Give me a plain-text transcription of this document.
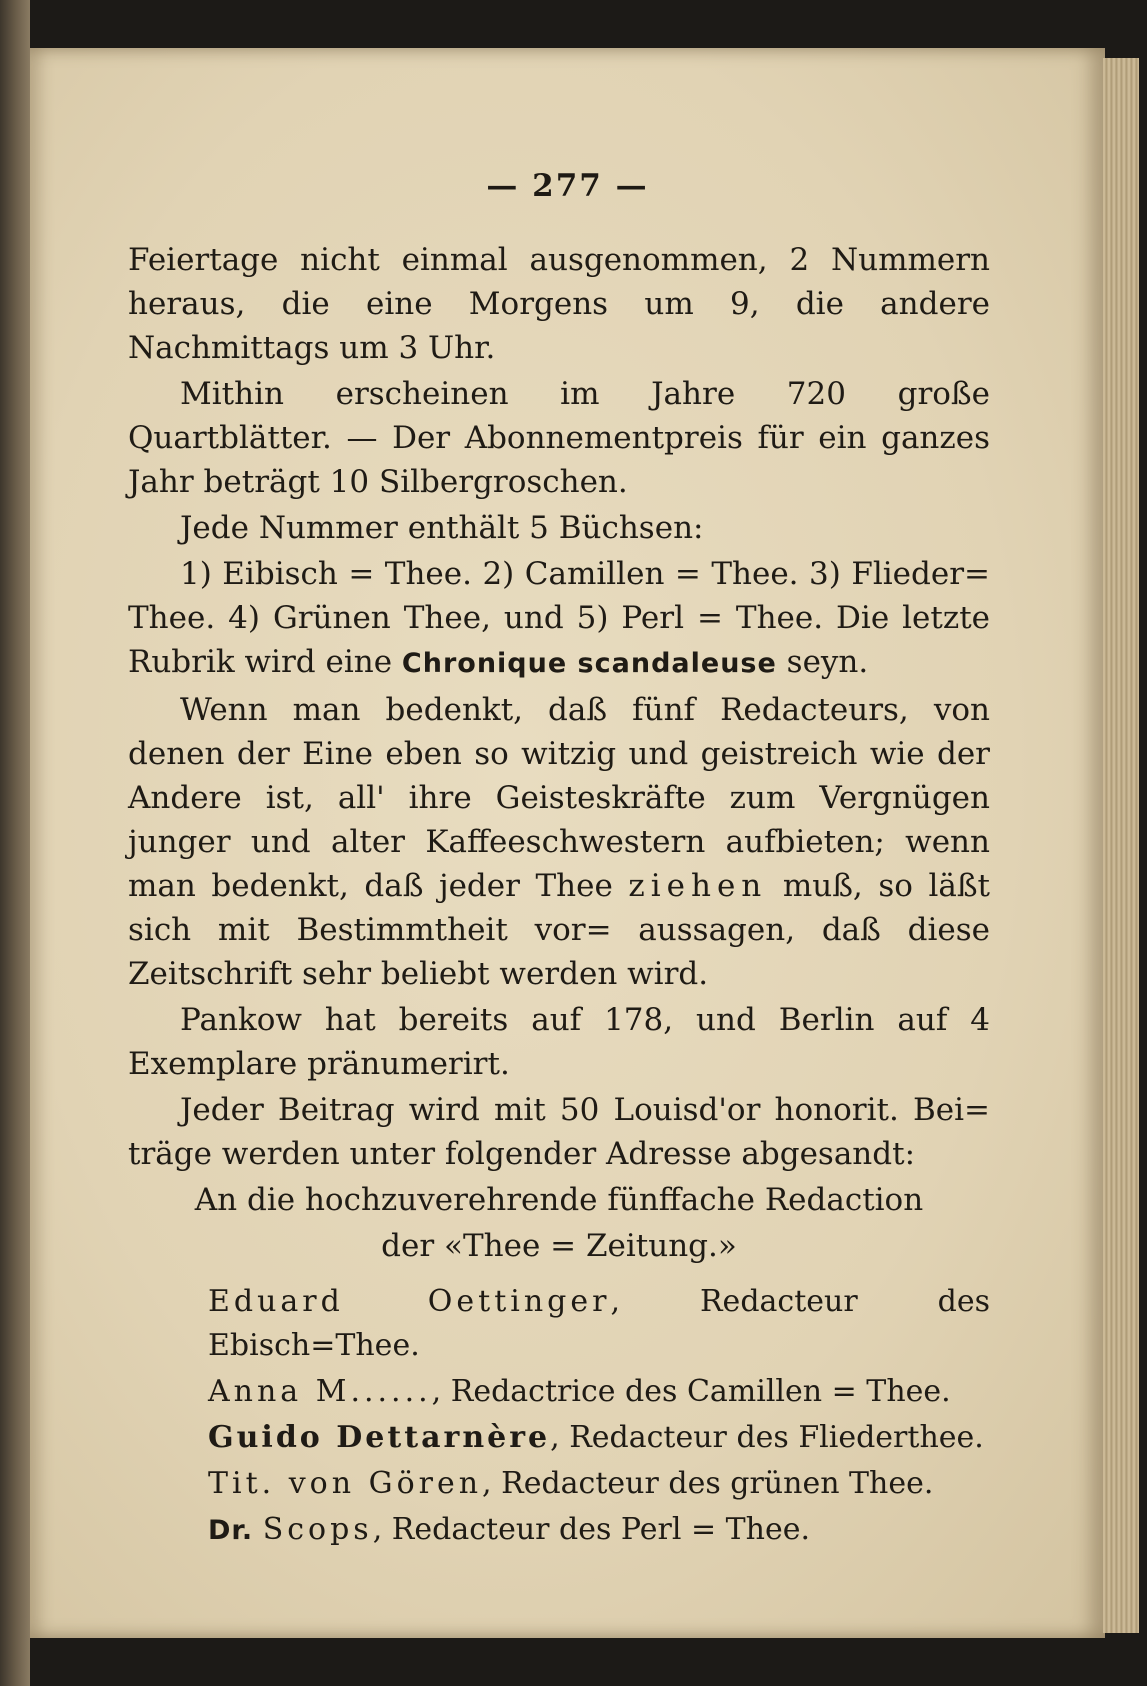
— 277 —

Feiertage nicht einmal ausgenommen, 2 Nummern heraus, die eine Morgens um 9, die andere Nachmittags um 3 Uhr.

Mithin erscheinen im Jahre 720 große Quartblätter. — Der Abonnementpreis für ein ganzes Jahr beträgt 10 Silbergroschen.

Jede Nummer enthält 5 Büchsen:

1) Eibisch = Thee. 2) Camillen = Thee. 3) Flieder= Thee. 4) Grünen Thee, und 5) Perl = Thee. Die letzte Rubrik wird eine Chronique scandaleuse seyn.

Wenn man bedenkt, daß fünf Redacteurs, von denen der Eine eben so witzig und geistreich wie der Andere ist, all' ihre Geisteskräfte zum Vergnügen junger und alter Kaffeeschwestern aufbieten; wenn man bedenkt, daß jeder Thee ziehen muß, so läßt sich mit Bestimmtheit vor= aussagen, daß diese Zeitschrift sehr beliebt werden wird.

Pankow hat bereits auf 178, und Berlin auf 4 Exemplare pränumerirt.

Jeder Beitrag wird mit 50 Louisd'or honorit. Bei= träge werden unter folgender Adresse abgesandt:

An die hochzuverehrende fünffache Redaction

der «Thee = Zeitung.»

Eduard Oettinger, Redacteur des Ebisch=Thee.

Anna M......, Redactrice des Camillen = Thee.

Guido Dettarnère, Redacteur des Fliederthee.

Tit. von Gören, Redacteur des grünen Thee.

Dr. Scops, Redacteur des Perl = Thee.
